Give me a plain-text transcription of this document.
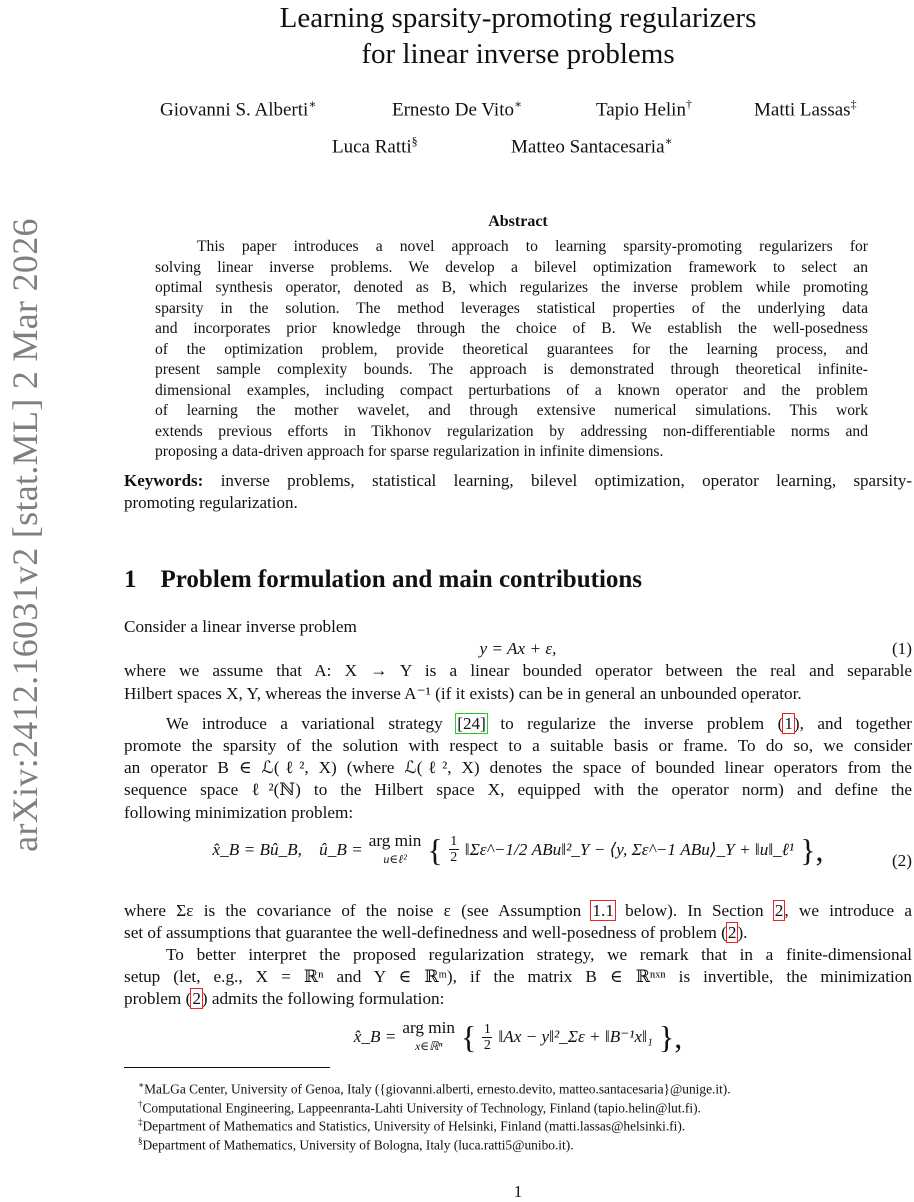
arXiv:2412.16031v2 [stat.ML] 2 Mar 2026
Learning sparsity-promoting regularizers
for linear inverse problems
Giovanni S. Alberti∗	Ernesto De Vito∗	Tapio Helin†	Matti Lassas‡
Luca Ratti§	Matteo Santacesaria∗
Abstract
This paper introduces a novel approach to learning sparsity-promoting regularizers for
solving linear inverse problems. We develop a bilevel optimization framework to select an
optimal synthesis operator, denoted as B, which regularizes the inverse problem while promoting
sparsity in the solution. The method leverages statistical properties of the underlying data
and incorporates prior knowledge through the choice of B. We establish the well-posedness
of the optimization problem, provide theoretical guarantees for the learning process, and
present sample complexity bounds. The approach is demonstrated through theoretical infinite-
dimensional examples, including compact perturbations of a known operator and the problem
of learning the mother wavelet, and through extensive numerical simulations. This work
extends previous efforts in Tikhonov regularization by addressing non-differentiable norms and
proposing a data-driven approach for sparse regularization in infinite dimensions.
Keywords: inverse problems, statistical learning, bilevel optimization, operator learning, sparsity-
promoting regularization.
1 Problem formulation and main contributions
Consider a linear inverse problem
y = Ax + ε,	(1)
where we assume that A: X → Y is a linear bounded operator between the real and separable
Hilbert spaces X, Y, whereas the inverse A⁻¹ (if it exists) can be in general an unbounded operator.
We introduce a variational strategy [24] to regularize the inverse problem (1), and together
promote the sparsity of the solution with respect to a suitable basis or frame. To do so, we consider
an operator B ∈ ℒ(ℓ², X) (where ℒ(ℓ², X) denotes the space of bounded linear operators from the
sequence space ℓ²(ℕ) to the Hilbert space X, equipped with the operator norm) and define the
following minimization problem:
x̂_B = Bû_B,    û_B = arg min
u∈ℓ² { $\frac{1}{2}$ ‖Σε^−1/2 ABu‖²_Y − ⟨y, Σε^−1 ABu⟩_Y + ‖u‖_ℓ¹ },	(2)
where Σε is the covariance of the noise ε (see Assumption 1.1 below). In Section 2, we introduce a
set of assumptions that guarantee the well-definedness and well-posedness of problem (2).
To better interpret the proposed regularization strategy, we remark that in a finite-dimensional
setup (let, e.g., X = ℝⁿ and Y ∈ ℝᵐ), if the matrix B ∈ ℝⁿˣⁿ is invertible, the minimization
problem (2) admits the following formulation:
x̂_B = arg min
x∈ℝⁿ { $\frac{1}{2}$ ‖Ax − y‖²_Σε + ‖B⁻¹x‖₁ },
∗MaLGa Center, University of Genoa, Italy ({giovanni.alberti, ernesto.devito, matteo.santacesaria}@unige.it).
†Computational Engineering, Lappeenranta-Lahti University of Technology, Finland (tapio.helin@lut.fi).
‡Department of Mathematics and Statistics, University of Helsinki, Finland (matti.lassas@helsinki.fi).
§Department of Mathematics, University of Bologna, Italy (luca.ratti5@unibo.it).
1
